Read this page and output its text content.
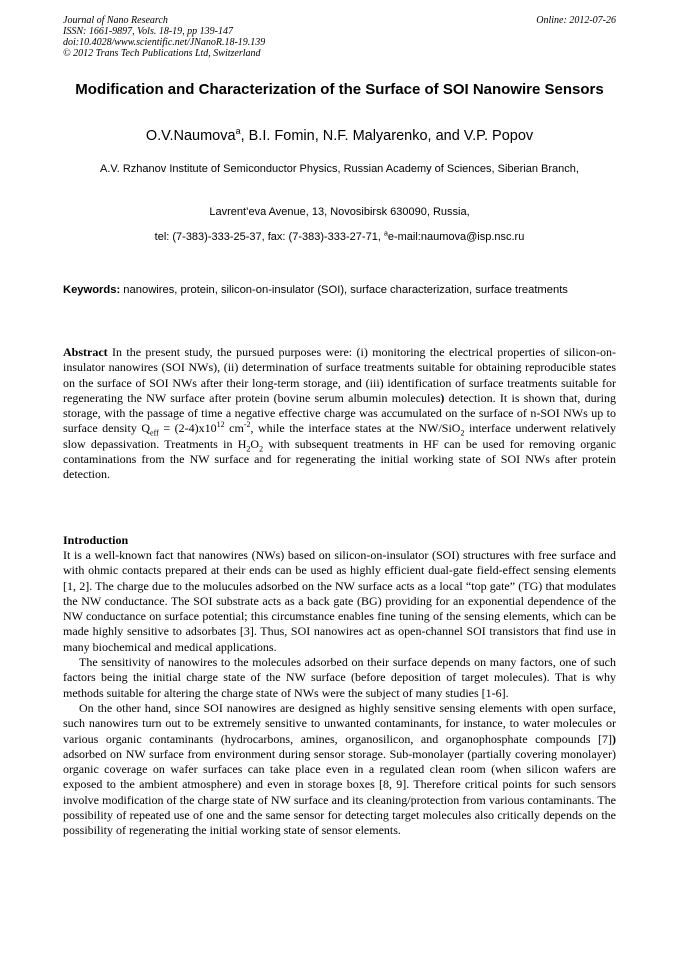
Journal of Nano Research
ISSN: 1661-9897, Vols. 18-19, pp 139-147
doi:10.4028/www.scientific.net/JNanoR.18-19.139
© 2012 Trans Tech Publications Ltd, Switzerland
Online: 2012-07-26
Modification and Characterization of the Surface of SOI Nanowire Sensors
O.V.Naumova$^a$, B.I. Fomin, N.F. Malyarenko, and V.P. Popov
A.V. Rzhanov Institute of Semiconductor Physics, Russian Academy of Sciences, Siberian Branch,
Lavrent’eva Avenue, 13, Novosibirsk 630090, Russia,
tel: (7-383)-333-25-37, fax: (7-383)-333-27-71, $^a$e-mail:naumova@isp.nsc.ru
Keywords: nanowires, protein, silicon-on-insulator (SOI), surface characterization, surface treatments
Abstract In the present study, the pursued purposes were: (i) monitoring the electrical properties of silicon-on-insulator nanowires (SOI NWs), (ii) determination of surface treatments suitable for obtaining reproducible states on the surface of SOI NWs after their long-term storage, and (iii) identification of surface treatments suitable for regenerating the NW surface after protein (bovine serum albumin molecules) detection. It is shown that, during storage, with the passage of time a negative effective charge was accumulated on the surface of n-SOI NWs up to surface density $Q_{eff} = (2-4)x10^{12}$ $cm^{-2}$, while the interface states at the NW/SiO$_2$ interface underwent relatively slow depassivation. Treatments in $H_2O_2$ with subsequent treatments in HF can be used for removing organic contaminations from the NW surface and for regenerating the initial working state of SOI NWs after protein detection.
Introduction

It is a well-known fact that nanowires (NWs) based on silicon-on-insulator (SOI) structures with free surface and with ohmic contacts prepared at their ends can be used as highly efficient dual-gate field-effect sensing elements [1, 2]. The charge due to the molucules adsorbed on the NW surface acts as a local “top gate” (TG) that modulates the NW conductance. The SOI substrate acts as a back gate (BG) providing for an exponential dependence of the NW conductance on surface potential; this circumstance enables fine tuning of the sensing elements, which can be made highly sensitive to adsorbates [3]. Thus, SOI nanowires act as open-channel SOI transistors that find use in many biochemical and medical applications.

The sensitivity of nanowires to the molecules adsorbed on their surface depends on many factors, one of such factors being the initial charge state of the NW surface (before deposition of target molecules). That is why methods suitable for altering the charge state of NWs were the subject of many studies [1-6].

On the other hand, since SOI nanowires are designed as highly sensitive sensing elements with open surface, such nanowires turn out to be extremely sensitive to unwanted contaminants, for instance, to water molecules or various organic contaminants (hydrocarbons, amines, organosilicon, and organophosphate compounds [7]) adsorbed on NW surface from environment during sensor storage. Sub-monolayer (partially covering monolayer) organic coverage on wafer surfaces can take place even in a regulated clean room (when silicon wafers are exposed to the ambient atmosphere) and even in storage boxes [8, 9]. Therefore critical points for such sensors involve modification of the charge state of NW surface and its cleaning/protection from various contaminants. The possibility of repeated use of one and the same sensor for detecting target molecules also critically depends on the possibility of regenerating the initial working state of sensor elements.
